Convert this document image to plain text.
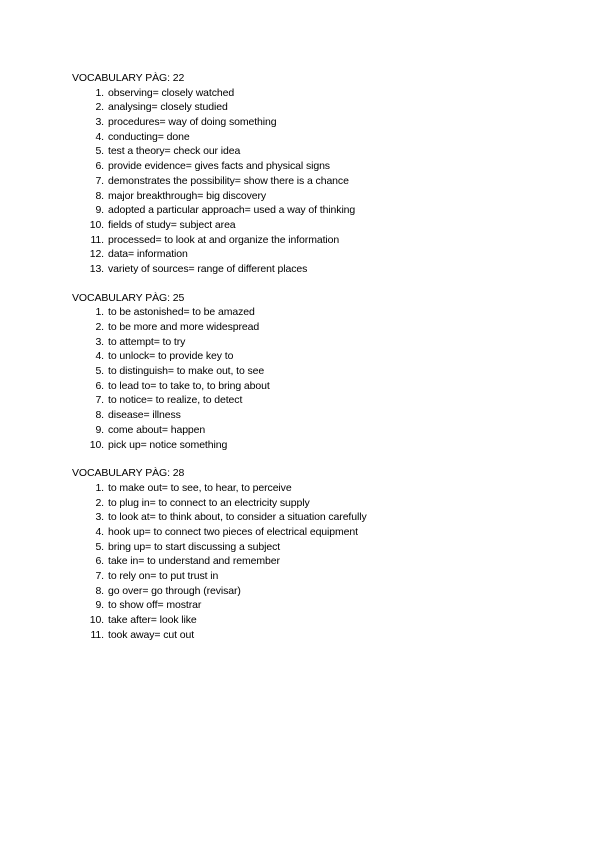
VOCABULARY PÀG: 22
1. observing= closely watched
2. analysing= closely studied
3. procedures= way of doing something
4. conducting= done
5. test a theory= check our idea
6. provide evidence= gives facts and physical signs
7. demonstrates the possibility= show there is a chance
8. major breakthrough= big discovery
9. adopted a particular approach= used a way of thinking
10. fields of study= subject area
11. processed= to look at and organize the information
12. data= information
13. variety of sources= range of different places
VOCABULARY PÀG: 25
1. to be astonished= to be amazed
2. to be more and more widespread
3. to attempt= to try
4. to unlock= to provide key to
5. to distinguish= to make out, to see
6. to lead to= to take to, to bring about
7. to notice= to realize, to detect
8. disease= illness
9. come about= happen
10. pick up= notice something
VOCABULARY PÀG: 28
1. to make out= to see, to hear, to perceive
2. to plug in= to connect to an electricity supply
3. to look at= to think about, to consider a situation carefully
4. hook up= to connect two pieces of electrical equipment
5. bring up= to start discussing a subject
6. take in= to understand and remember
7. to rely on= to put trust in
8. go over= go through (revisar)
9. to show off= mostrar
10. take after= look like
11. took away= cut out
